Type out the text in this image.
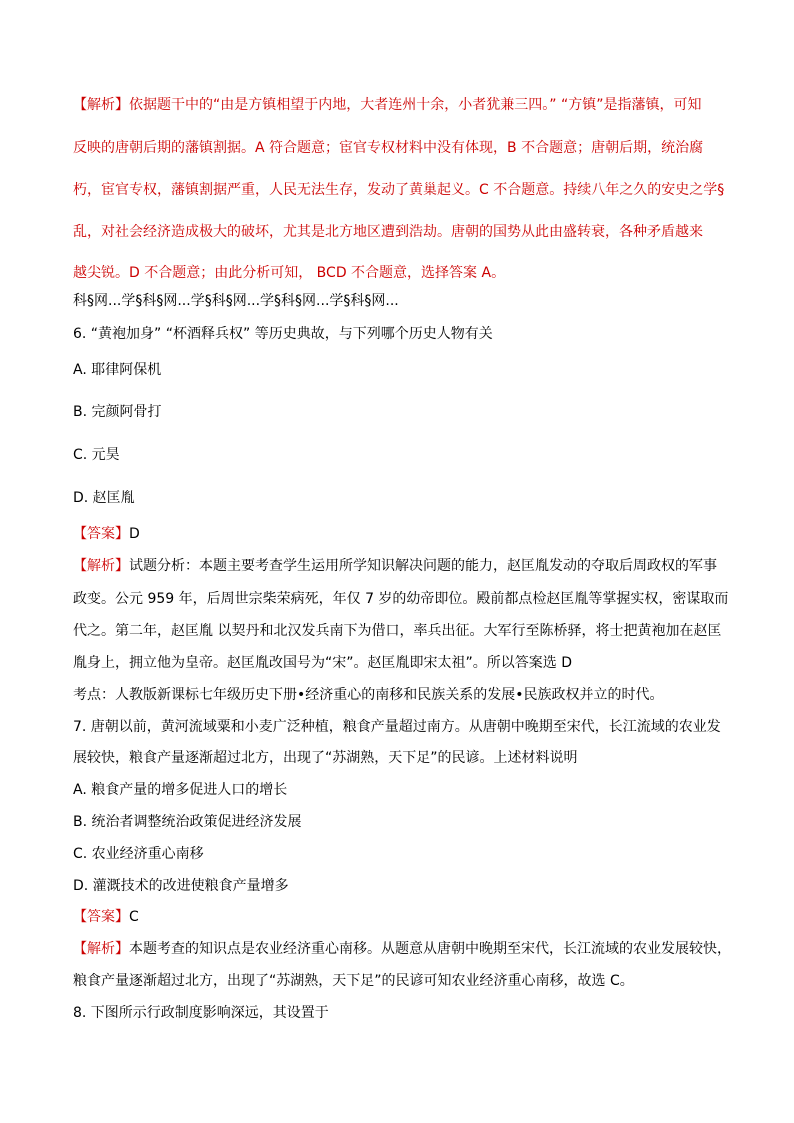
【解析】依据题干中的“由是方镇相望于内地，大者连州十余，小者犹兼三四。” “方镇”是指藩镇，可知
反映的唐朝后期的藩镇割据。A 符合题意；宦官专权材料中没有体现，B 不合题意；唐朝后期，统治腐
朽，宦官专权，藩镇割据严重，人民无法生存，发动了黄巢起义。C 不合题意。持续八年之久的安史之学§
乱，对社会经济造成极大的破坏，尤其是北方地区遭到浩劫。唐朝的国势从此由盛转衰，各种矛盾越来
越尖锐。D 不合题意；由此分析可知， BCD 不合题意，选择答案 A。
科§网...学§科§网...学§科§网...学§科§网...学§科§网...
6. “黄袍加身” “杯酒释兵权” 等历史典故，与下列哪个历史人物有关
A. 耶律阿保机
B. 完颜阿骨打
C. 元昊
D. 赵匡胤
【答案】D
【解析】试题分析：本题主要考查学生运用所学知识解决问题的能力，赵匡胤发动的夺取后周政权的军事
政变。公元 959 年，后周世宗柴荣病死，年仅 7 岁的幼帝即位。殿前都点检赵匡胤等掌握实权，密谋取而
代之。第二年，赵匡胤 以契丹和北汉发兵南下为借口，率兵出征。大军行至陈桥驿，将士把黄袍加在赵匡
胤身上，拥立他为皇帝。赵匡胤改国号为“宋”。赵匡胤即宋太祖”。所以答案选 D
考点：人教版新课标七年级历史下册•经济重心的南移和民族关系的发展•民族政权并立的时代。
7. 唐朝以前，黄河流域粟和小麦广泛种植，粮食产量超过南方。从唐朝中晚期至宋代，长江流域的农业发
展较快，粮食产量逐渐超过北方，出现了“苏湖熟，天下足”的民谚。上述材料说明
A. 粮食产量的增多促进人口的增长
B. 统治者调整统治政策促进经济发展
C. 农业经济重心南移
D. 灌溉技术的改进使粮食产量增多
【答案】C
【解析】本题考查的知识点是农业经济重心南移。从题意从唐朝中晚期至宋代，长江流域的农业发展较快，
粮食产量逐渐超过北方，出现了“苏湖熟，天下足”的民谚可知农业经济重心南移，故选 C。
8. 下图所示行政制度影响深远，其设置于
